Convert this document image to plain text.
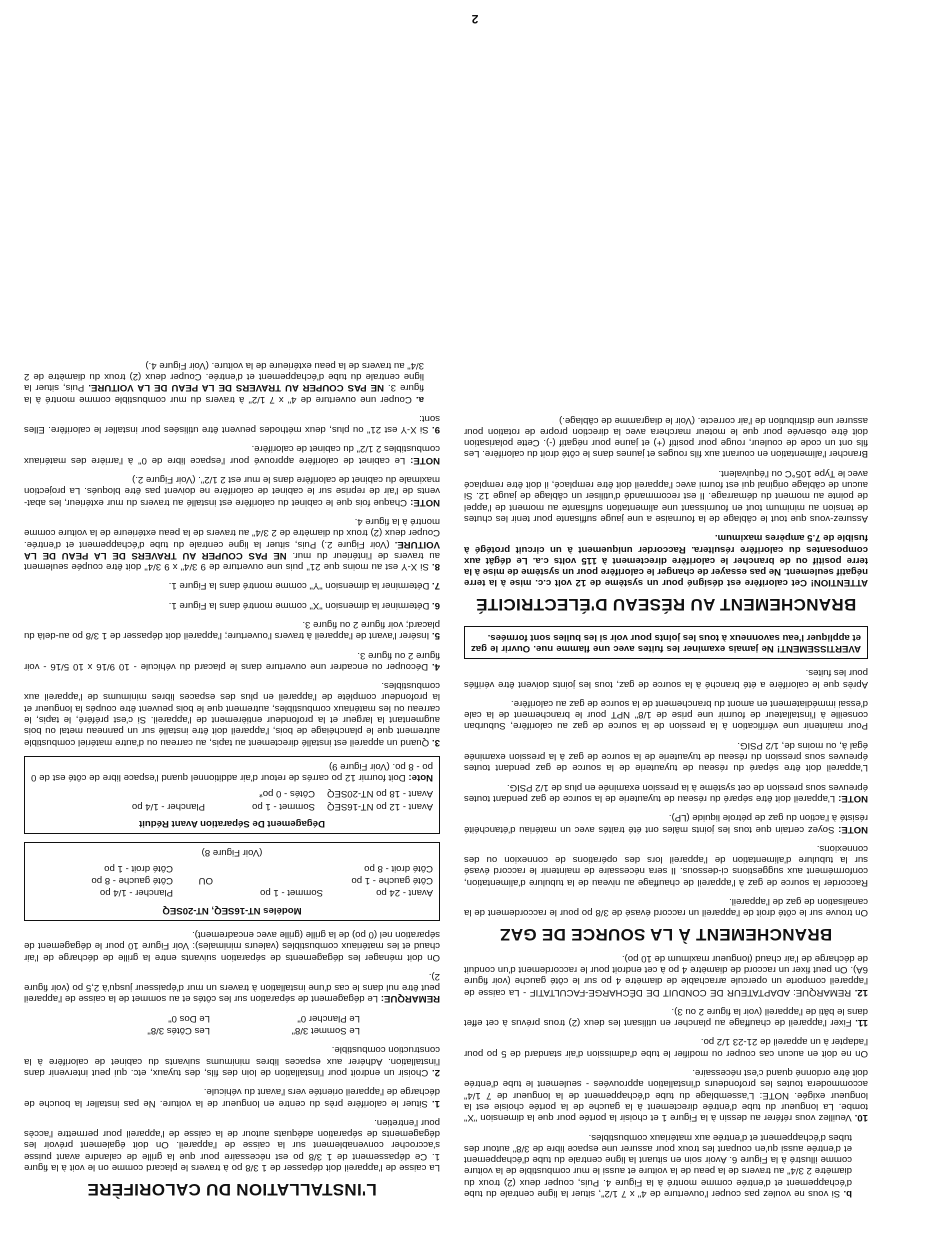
L'INSTALLATION DU CALORIFÈRE

La caisse de l'appareil doit dépasser de 1 3/8 po à travers le placard comme on le voit à la figure 1. Ce dépassement de 1 3/8 po est nécessaire pour que la grille de calandre avant puisse s'accrocher convenablement sur la caisse de l'appareil. On doit également prévoir les dégagements de séparation adéquats autour de la caisse de l'appareil pour permettre l'accès pour l'entretien.

1. Situer le calorifère près du centre en longueur de la voiture. Ne pas installer la bouche de décharge de l'appareil orientée vers l'avant du véhicule.

2. Choisir un endroit pour l'installation de loin des fils, des tuyaux, etc. qui peut intervenir dans l'installation. Adhérer aux espaces libres minimums suivants du cabinet de calorifère à la construction combustible.

Le Sommet 3/8"
Les Côtés 3/8"
Le Plancher 0"
Le Dos 0"

REMARQUE: Le dégagement de séparation sur les côtés et au sommet de la caisse de l'appareil peut être nul dans le cas d'une installation à travers un mur d'épaisseur jusqu'à 2,5 po (voir figure 2).

On doit ménager les dégagements de séparation suivants entre la grille de décharge de l'air chaud et les matériaux combustibles (valeurs minimales): Voir Figure 10 pour le dégagement de séparation nel (0 po) de la grille (grille avec encadrement).

Modèles NT-16SEQ, NT-20SEQ
Avant - 24 po
Sommet - 1 po
Plancher - 1/4 po
Côté gauche - 1 po
OU
Côté gauche - 8 po
Côté droit - 8 po
Côté droit - 1 po
(Voir Figure 8)
Dégagement De Séparation Avant Réduit
Avant - 12 po NT-16SEQ
Sommet - 1 po
Plancher - 1/4 po
Avant - 18 po NT-20SEQ
Côtés - 0 po*

Note: Doit fournir 12 po carrés de retour d'air additionnel quand l'espace libre de côté est de 0 po - 8 po. (Voir Figure 9)

3. Quand un appareil est installé directement au tapis, au carreau ou d'autre matériel combustible autrement que le planchéiage de bois, l'appareil doit être installé sur un panneau metal ou bois augmentant la largeur et la profondeur entièrement de l'appareil. Si c'est préféré, le tapis, le carreau ou les matériaux combustibles, autrement que le bois peuvent être coupés la longueur et la profondeur complète de l'appareil en plus des espaces libres minimums de l'appareil aux combustibles.

4. Découper ou encadrer une ouverture dans le placard du véhicule - 10 9/16 x 10 5/16 - voir figure 2 ou figure 3.

5. Insérer l'avant de l'appareil à travers l'ouverture; l'appareil doit dépasser de 1 3/8 po au-delà du placard; voir figure 2 ou figure 3.

6. Déterminer la dimension "X" comme montré dans la Figure 1.

7. Déterminer la dimension "Y" comme montré dans la Figure 1.

8. Si X-Y est au moins que 21" puis une ouverture de 9 3/4" x 9 3/4" doit être coupée seulement au travers de l'intérieur du mur. NE PAS COUPER AU TRAVERS DE LA PEAU DE LA VOITURE. (Voir Figure 2.) Puis, situer la ligne centrale du tube d'échappement et d'entrée. Couper deux (2) troux du diamètre de 2 3/4" au travers de la peau extérieure de la voiture comme montré à la figure 4.

NOTE: Chaque fois que le cabinet du calorifère est installé au travers du mur extérieur, les abat-vents de l'air de reprise sur le cabinet de calorifère ne doivent pas être bloqués. La projection maximale du cabinet de calorifère dans le mur est 2 1/2". (Voir Figure 2.)

NOTE: Le cabinet de calorifère approuvé pour l'espace libre de 0" à l'arrière des matériaux combustibles 2 1/2" du cabinet de calorifère.

9. Si X-Y est 21" ou plus, deux méthodes peuvent être utilisées pour installer le calorifère. Elles sont:

a. Couper une ouverture de 4" x 7 1/2" à travers du mur combustible comme montré à la figure 3. NE PAS COUPER AU TRAVERS DE LA PEAU DE LA VOITURE. Puis, situer la ligne centrale du tube d'échappement et d'entrée. Couper deux (2) troux du diamètre de 2 3/4" au travers de la peau extérieure de la voiture. (Voir Figure 4.)

b. Si vous ne voulez pas couper l'ouverture de 4" x 7 1/2", situer la ligne centrale du tube d'échappement et d'entrée comme montré à la Figure 4. Puis, couper deux (2) troux du diamètre 2 3/4" au travers de la peau de la voiture et aussi le mur combustible de la voiture comme illustré à la Figure 6. Avoir soin en situant la ligne centrale du tube d'échappement et d'entrée aussi qu'en coupant les troux pour assurer une espace libre de 3/8" autour des tubes d'échappement et d'entrée aux matériaux combustibles.

10. Veuillez vous référer au dessin à la Figure 1 et choisir la portée pour que la dimension "X" tombe. La longueur du tube d'entrée directement à la gauche de la portée choisie est la longueur exigée. NOTE: L'assemblage du tube d'échappement de la longueur de 7 1/4" accommodera toutes les profondeurs d'installation approuvées - seulement le tube d'entrée doit être ordonné quand c'est nécessaire.

On ne doit en aucun cas couper ou modifier le tube d'admission d'air standard de 5 po pour l'adapter à un appareil de 21-23 1/2 po.

11. Fixer l'appareil de chauffage au plancher en utilisant les deux (2) trous prévus à cet effet dans le bâti de l'appareil (voir la figure 2 ou 3).

12. REMARQUE: ADAPTATEUR DE CONDUIT DE DÉCHARGE-FACULTATIF - La caisse de l'appareil comporte un opercule arrachable de diamètre 4 po sur le côté gauche (voir figure 6A). On peut fixer un raccord de diamètre 4 po à cet endroit pour le raccordement d'un conduit de décharge de l'air chaud (longueur maximum de 10 po).

BRANCHEMENT À LA SOURCE DE GAZ

On trouve sur le côté droit de l'appareil un raccord évasé de 3/8 po pour le raccordement de la canalisation de gaz de l'appareil.

Raccorder la source de gaz à l'appareil de chauffage au niveau de la tubulure d'alimentation, conformément aux suggestions ci-dessous. Il sera nécessaire de maintenir le raccord évasé sur la tubulure d'alimentation de l'appareil lors des opérations de connexion ou des connexions.

NOTE: Soyez certain que tous les joints mâles ont été traités avec un matériau d'étanchéité résisté à l'action du gaz de pétrole liquide (LP).

NOTE: L'appareil doit être séparé du réseau de tuyauterie de la source de gaz pendant toutes épreuves sous pression de cet système à la pression examinée en plus de 1/2 PSIG.

L'appareil doit être séparé du réseau de tuyauterie de la source de gaz pendant toutes épreuves sous pression du réseau de tuyauterie de la source de gaz à la pression examinée égal à, ou moins de, 1/2 PSIG.

Pour maintenir une vérification à la pression de la source de gaz au calorifère, Suburban conseille à l'installateur de fournir une prise de 1/8" NPT pour le branchement de la cale d'essai immédiatement en amont du branchement de la source de gaz au calorifère.

Après que le calorifère a été branché à la source de gaz, tous les joints doivent être vérifiés pour les fuites.

AVERTISSEMENT! Ne jamais examiner les fuites avec une flamme nue. Ouvrir le gaz et appliquer l'eau savonneux à tous les joints pour voir si les bulles sont formées.
BRANCHEMENT AU RÉSEAU D'ÉLECTRICITÉ

ATTENTION! Cet calorifère est désigné pour un système de 12 volt c.c. mise à la terre négatif seulement. Ne pas essayer de changer le calorifère pour un système de mise à la terre positif ou de brancher le calorifère directement à 115 volts c.a. Le dégât aux composantes du calorifère résultera. Raccorder uniquement à un circuit protégé à fusible de 7.5 ampères maximum.

Assurez-vous que tout le câblage de la fournaise a une jauge suffisante pour tenir les chutes de tension au minimum tout en fournissant une alimentation suffisante au moment de l'appel de pointe au moment du démarrage. Il est recommandé d'utiliser un câblage de jauge 12. Si aucun de câblage original qui est fourni avec l'appareil doit être remplacé, il doit être remplacé avec le Type 105°C ou l'équivalent.

Brancher l'alimentation en courant aux fils rouges et jaunes dans le côté droit du calorifère. Les fils ont un code de couleur, rouge pour positif (+) et jaune pour négatif (-). Cette polarisation doit être observée pour que le moteur marchera avec la direction propre de rotation pour assurer une distribution de l'air correcte. (Voir le diagramme de câblage.)

2
